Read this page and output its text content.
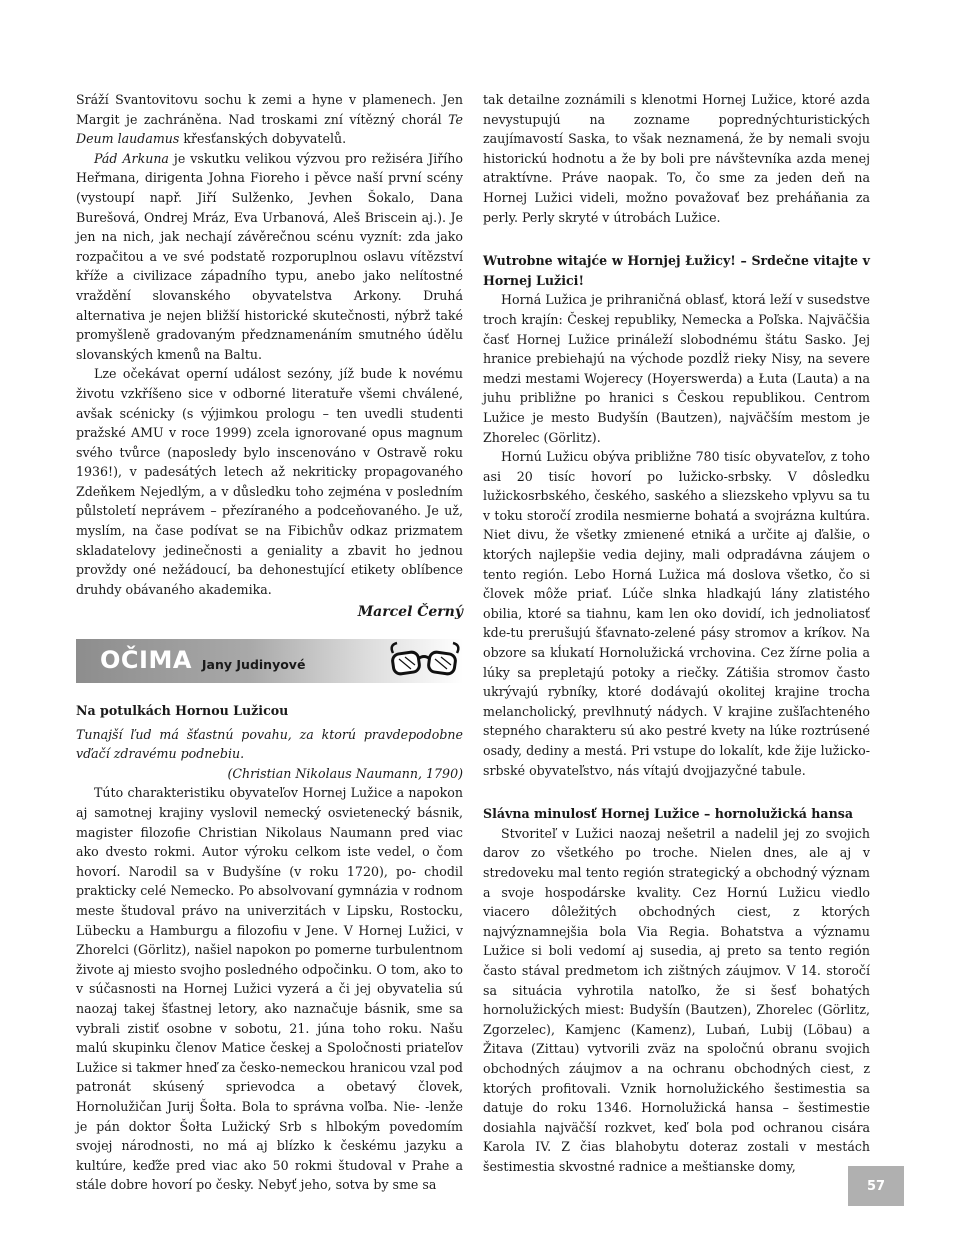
Sráží Svantovitovu sochu k zemi a hyne v plamenech. Jen Margit je zachráněna. Nad troskami zní vítězný chorál Te Deum laudamus křesťanských dobyvatelů.

Pád Arkuna je vskutku velikou výzvou pro režiséra Jiřího Heřmana, dirigenta Johna Fioreho i pěvce naší první scény (vystoupí např. Jiří Sulženko, Jevhen Šokalo, Dana Burešová, Ondrej Mráz, Eva Urbanová, Aleš Briscein aj.). Je jen na nich, jak nechají závěrečnou scénu vyznít: zda jako rozpačitou a ve své podstatě rozporuplnou oslavu vítězství kříže a civilizace západního typu, anebo jako nelítostné vraždění slovanského obyvatelstva Arkony. Druhá alternativa je nejen bližší historické skutečnosti, nýbrž také promyšleně gradovaným předznamenáním smutného údělu slovanských kmenů na Baltu.

Lze očekávat operní událost sezóny, jíž bude k novému životu vzkříšeno sice v odborné literatuře všemi chválené, avšak scénicky (s výjimkou prologu – ten uvedli studenti pražské AMU v roce 1999) zcela ignorované opus magnum svého tvůrce (naposledy bylo inscenováno v Ostravě roku 1936!), v padesátých letech až nekriticky propagovaného Zdeňkem Nejedlým, a v důsledku toho zejména v posledním půlstoletí neprávem – přezíraného a podceňovaného. Je už, myslím, na čase podívat se na Fibichův odkaz prizmatem skladatelovy jedinečnosti a geniality a zbavit ho jednou provždy oné nežádoucí, ba dehonestující etikety oblíbence druhdy obávaného akademika.

Marcel Černý
OČIMA Jany Judinyové

Na potulkách Hornou Lužicou

Tunajší ľud má šťastnú povahu, za ktorú pravdepodobne vďačí zdravému podnebiu.

(Christian Nikolaus Naumann, 1790)

Túto charakteristiku obyvateľov Hornej Lužice a napokon aj samotnej krajiny vyslovil nemecký osvietenecký básnik, magister filozofie Christian Nikolaus Naumann pred viac ako dvesto rokmi. Autor výroku celkom iste vedel, o čom hovorí. Narodil sa v Budyšíne (v roku 1720), po- chodil prakticky celé Nemecko. Po absolvovaní gymnázia v rodnom meste študoval právo na univerzitách v Lipsku, Rostocku, Lübecku a Hamburgu a filozofiu v Jene. V Hornej Lužici, v Zhorelci (Görlitz), našiel napokon po pomerne turbulentnom živote aj miesto svojho posledného odpočinku. O tom, ako to v súčasnosti na Hornej Lužici vyzerá a či jej obyvatelia sú naozaj takej šťastnej letory, ako naznačuje básnik, sme sa vybrali zistiť osobne v sobotu, 21. júna toho roku. Našu malú skupinku členov Matice českej a Spoločnosti priateľov Lužice si takmer hneď za česko-nemeckou hranicou vzal pod patronát skúsený sprievodca a obetavý človek, Hornolužičan Jurij Šołta. Bola to správna voľba. Nie- -lenže je pán doktor Šołta Lužický Srb s hlbokým povedomím svojej národnosti, no má aj blízko k českému jazyku a kultúre, keďže pred viac ako 50 rokmi študoval v Prahe a stále dobre hovorí po česky. Nebyť jeho, sotva by sme sa

tak detailne zoznámili s klenotmi Hornej Lužice, ktoré azda nevystupujú na zozname poprednýchturistických zaujímavostí Saska, to však neznamená, že by nemali svoju historickú hodnotu a že by boli pre návštevníka azda menej atraktívne. Práve naopak. To, čo sme za jeden deň na Hornej Lužici videli, možno považovať bez preháňania za perly. Perly skryté v útrobách Lužice.

Wutrobne witajće w Hornjej Łužicy! – Srdečne vitajte v Hornej Lužici!

Horná Lužica je prihraničná oblasť, ktorá leží v susedstve troch krajín: Českej republiky, Nemecka a Poľska. Najväčšia časť Hornej Lužice prináleží slobodnému štátu Sasko. Jej hranice prebiehajú na východe pozdĺž rieky Nisy, na severe medzi mestami Wojerecy (Hoyerswerda) a Łuta (Lauta) a na juhu približne po hranici s Českou republikou. Centrom Lužice je mesto Budyšín (Bautzen), najväčším mestom je Zhorelec (Görlitz).

Hornú Lužicu obýva približne 780 tisíc obyvateľov, z toho asi 20 tisíc hovorí po lužicko-srbsky. V dôsledku lužickosrbského, českého, saského a sliezskeho vplyvu sa tu v toku storočí zrodila nesmierne bohatá a svojrázna kultúra. Niet divu, že všetky zmienené etniká a určite aj ďalšie, o ktorých najlepšie vedia dejiny, mali odpradávna záujem o tento región. Lebo Horná Lužica má doslova všetko, čo si človek môže priať. Lúče slnka hladkajú lány zlatistého obilia, ktoré sa tiahnu, kam len oko dovidí, ich jednoliatosť kde-tu prerušujú šťavnato-zelené pásy stromov a kríkov. Na obzore sa kĺukatí Hornolužická vrchovina. Cez žírne polia a lúky sa prepletajú potoky a riečky. Zátišia stromov často ukrývajú rybníky, ktoré dodávajú okolitej krajine trocha melancholický, prevlhnutý nádych. V krajine zušľachteného stepného charakteru sú ako pestré kvety na lúke roztrúsené osady, dediny a mestá. Pri vstupe do lokalít, kde žije lužicko-srbské obyvateľstvo, nás vítajú dvojjazyčné tabule.

Slávna minulosť Hornej Lužice – hornolužická hansa

Stvoriteľ v Lužici naozaj nešetril a nadelil jej zo svojich darov zo všetkého po troche. Nielen dnes, ale aj v stredoveku mal tento región strategický a obchodný význam a svoje hospodárske kvality. Cez Hornú Lužicu viedlo viacero dôležitých obchodných ciest, z ktorých najvýznamnejšia bola Via Regia. Bohatstva a významu Lužice si boli vedomí aj susedia, aj preto sa tento región často stával predmetom ich zištných záujmov. V 14. storočí sa situácia vyhrotila natoľko, že si šesť bohatých hornolužických miest: Budyšín (Bautzen), Zhorelec (Görlitz, Zgorzelec), Kamjenc (Kamenz), Lubań, Lubij (Löbau) a Žitava (Zittau) vytvorili zväz na spoločnú obranu svojich obchodných záujmov a na ochranu obchodných ciest, z ktorých profitovali. Vznik hornolužického šestimestia sa datuje do roku 1346. Hornolužická hansa – šestimestie dosiahla najväčší rozkvet, keď bola pod ochranou cisára Karola IV. Z čias blahobytu doteraz zostali v mestách šestimestia skvostné radnice a meštianske domy,

57
